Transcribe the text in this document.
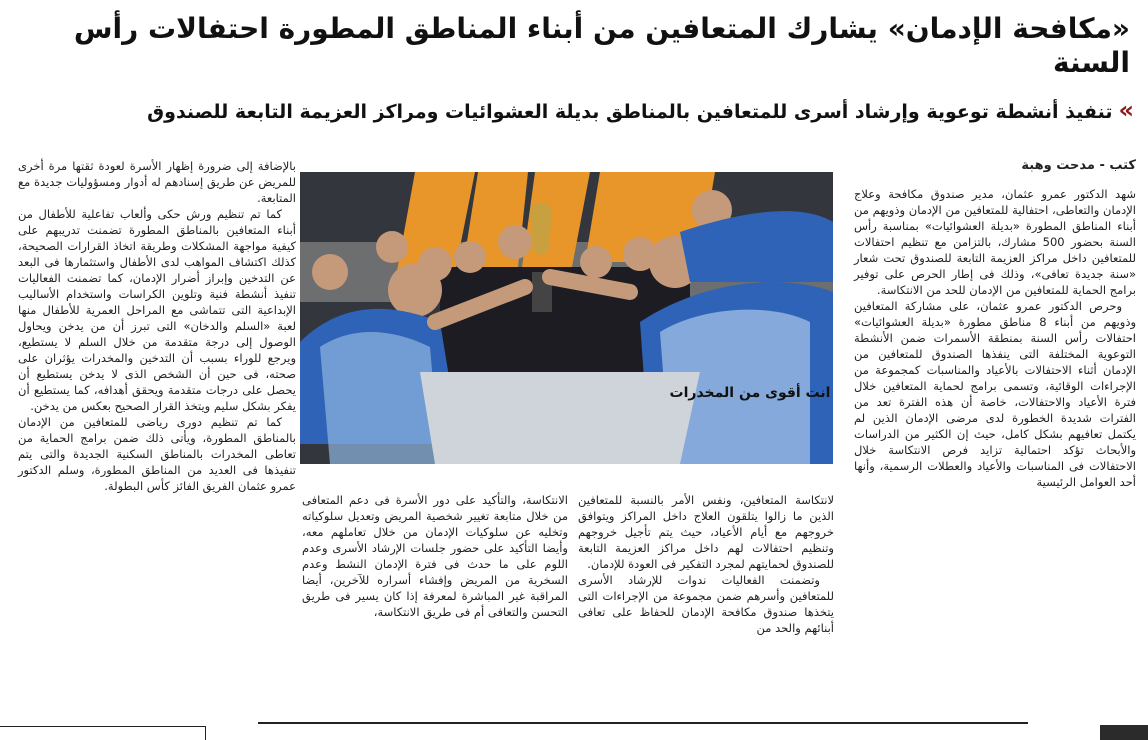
«مكافحة الإدمان» يشارك المتعافين من أبناء المناطق المطورة احتفالات رأس السنة
»تنفيذ أنشطة توعوية وإرشاد أسرى للمتعافين بالمناطق بديلة العشوائيات ومراكز العزيمة التابعة للصندوق

كتب - مدحت وهبة

شهد الدكتور عمرو عثمان، مدير صندوق مكافحة وعلاج الإدمان والتعاطى، احتفالية للمتعافين من الإدمان وذويهم من أبناء المناطق المطورة «بديلة العشوائيات» بمناسبة رأس السنة بحضور 500 مشارك، بالتزامن مع تنظيم احتفالات للمتعافين داخل مراكز العزيمة التابعة للصندوق تحت شعار «سنة جديدة تعافى»، وذلك فى إطار الحرص على توفير برامج الحماية للمتعافين من الإدمان للحد من الانتكاسة.

وحرص الدكتور عمرو عثمان، على مشاركة المتعافين وذويهم من أبناء 8 مناطق مطورة «بديلة العشوائيات» احتفالات رأس السنة بمنطقة الأسمرات ضمن الأنشطة التوعوية المختلفة التى ينفذها الصندوق للمتعافين من الإدمان أثناء الاحتفالات بالأعياد والمناسبات كمجموعة من الإجراءات الوقائية، وتسمى برامج لحماية المتعافين خلال فترة الأعياد والاحتفالات، خاصة أن هذه الفترة تعد من الفترات شديدة الخطورة لدى مرضى الإدمان الذين لم يكتمل تعافيهم بشكل كامل، حيث إن الكثير من الدراسات والأبحاث تؤكد احتمالية تزايد فرص الانتكاسة خلال الاحتفالات فى المناسبات والأعياد والعطلات الرسمية، وأنها أحد العوامل الرئيسية

انت أقوى من المخدرات

لانتكاسة المتعافين، ونفس الأمر بالنسبة للمتعافين الذين ما زالوا يتلقون العلاج داخل المراكز ويتوافق خروجهم مع أيام الأعياد، حيث يتم تأجيل خروجهم وتنظيم احتفالات لهم داخل مراكز العزيمة التابعة للصندوق لحمايتهم لمجرد التفكير فى العودة للإدمان.

وتضمنت الفعاليات ندوات للإرشاد الأسرى للمتعافين وأسرهم ضمن مجموعة من الإجراءات التى يتخذها صندوق مكافحة الإدمان للحفاظ على تعافى أبنائهم والحد من

الانتكاسة، والتأكيد على دور الأسرة فى دعم المتعافى من خلال متابعة تغيير شخصية المريض وتعديل سلوكياته وتخليه عن سلوكيات الإدمان من خلال تعاملهم معه، وأيضا التأكيد على حضور جلسات الإرشاد الأسرى وعدم اللوم على ما حدث فى فترة الإدمان النشط وعدم السخرية من المريض وإفشاء أسراره للآخرين، أيضا المراقبة غير المباشرة لمعرفة إذا كان يسير فى طريق التحسن والتعافى أم فى طريق الانتكاسة،

بالإضافة إلى ضرورة إظهار الأسرة لعودة ثقتها مرة أخرى للمريض عن طريق إسنادهم له أدوار ومسؤوليات جديدة مع المتابعة.

كما تم تنظيم ورش حكى وألعاب تفاعلية للأطفال من أبناء المتعافين بالمناطق المطورة تضمنت تدريبهم على كيفية مواجهة المشكلات وطريقة اتخاذ القرارات الصحيحة، كذلك اكتشاف المواهب لدى الأطفال واستثمارها فى البعد عن التدخين وإبراز أضرار الإدمان، كما تضمنت الفعاليات تنفيذ أنشطة فنية وتلوين الكراسات واستخدام الأساليب الإبداعية التى تتماشى مع المراحل العمرية للأطفال منها لعبة «السلم والدخان» التى تبرز أن من يدخن ويحاول الوصول إلى درجة متقدمة من خلال السلم لا يستطيع، ويرجع للوراء بسبب أن التدخين والمخدرات يؤثران على صحته، فى حين أن الشخص الذى لا يدخن يستطيع أن يحصل على درجات متقدمة ويحقق أهدافه، كما يستطيع أن يفكر بشكل سليم ويتخذ القرار الصحيح بعكس من يدخن.

كما تم تنظيم دورى رياضى للمتعافين من الإدمان بالمناطق المطورة، ويأتى ذلك ضمن برامج الحماية من تعاطى المخدرات بالمناطق السكنية الجديدة والتى يتم تنفيذها فى العديد من المناطق المطورة، وسلم الدكتور عمرو عثمان الفريق الفائز كأس البطولة.
